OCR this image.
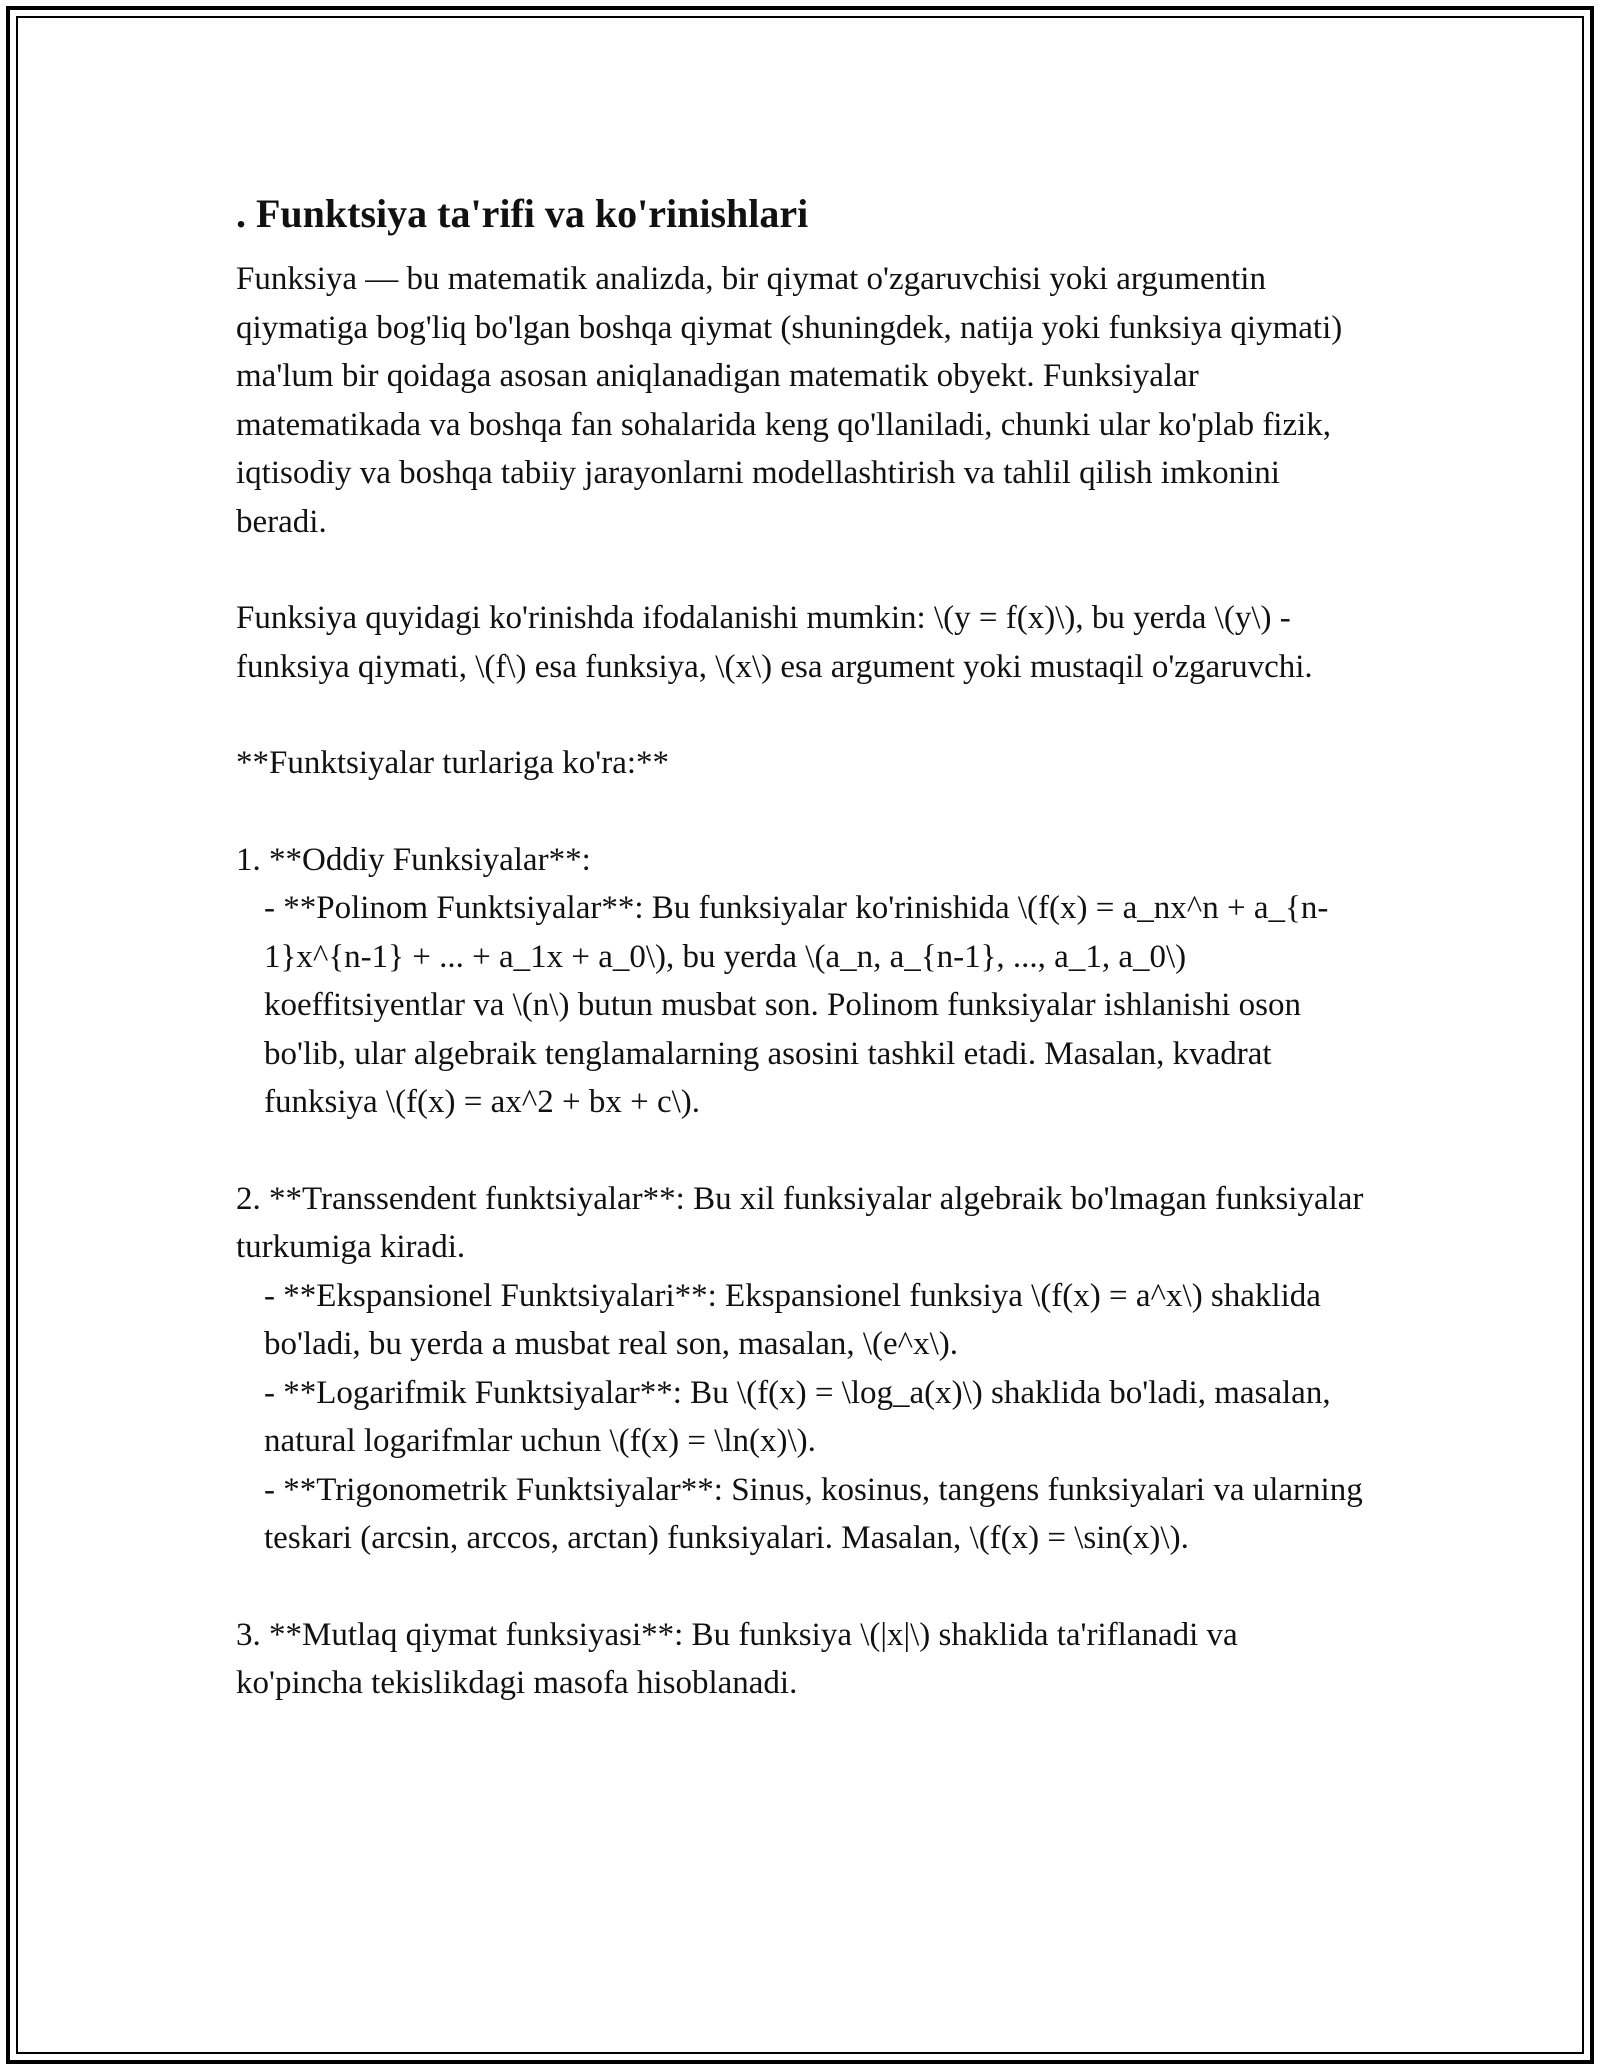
. Funktsiya ta'rifi va ko'rinishlari

Funksiya — bu matematik analizda, bir qiymat o'zgaruvchisi yoki argumentin qiymatiga bog'liq bo'lgan boshqa qiymat (shuningdek, natija yoki funksiya qiymati) ma'lum bir qoidaga asosan aniqlanadigan matematik obyekt. Funksiyalar matematikada va boshqa fan sohalarida keng qo'llaniladi, chunki ular ko'plab fizik, iqtisodiy va boshqa tabiiy jarayonlarni modellashtirish va tahlil qilish imkonini beradi.

Funksiya quyidagi ko'rinishda ifodalanishi mumkin: \(y = f(x)\), bu yerda \(y\) - funksiya qiymati, \(f\) esa funksiya, \(x\) esa argument yoki mustaqil o'zgaruvchi.

**Funktsiyalar turlariga ko'ra:**

1. **Oddiy Funksiyalar**:
- **Polinom Funktsiyalar**: Bu funksiyalar ko'rinishida \(f(x) = a_nx^n + a_{n-1}x^{n-1} + ... + a_1x + a_0\), bu yerda \(a_n, a_{n-1}, ..., a_1, a_0\) koeffitsiyentlar va \(n\) butun musbat son. Polinom funksiyalar ishlanishi oson bo'lib, ular algebraik tenglamalarning asosini tashkil etadi. Masalan, kvadrat funksiya \(f(x) = ax^2 + bx + c\).
2. **Transsendent funktsiyalar**: Bu xil funksiyalar algebraik bo'lmagan funksiyalar turkumiga kiradi.
- **Ekspansionel Funktsiyalari**: Ekspansionel funksiya \(f(x) = a^x\) shaklida bo'ladi, bu yerda a musbat real son, masalan, \(e^x\).
- **Logarifmik Funktsiyalar**: Bu \(f(x) = \log_a(x)\) shaklida bo'ladi, masalan, natural logarifmlar uchun \(f(x) = \ln(x)\).
- **Trigonometrik Funktsiyalar**: Sinus, kosinus, tangens funksiyalari va ularning teskari (arcsin, arccos, arctan) funksiyalari. Masalan, \(f(x) = \sin(x)\).

3. **Mutlaq qiymat funksiyasi**: Bu funksiya \(|x|\) shaklida ta'riflanadi va ko'pincha tekislikdagi masofa hisoblanadi.
